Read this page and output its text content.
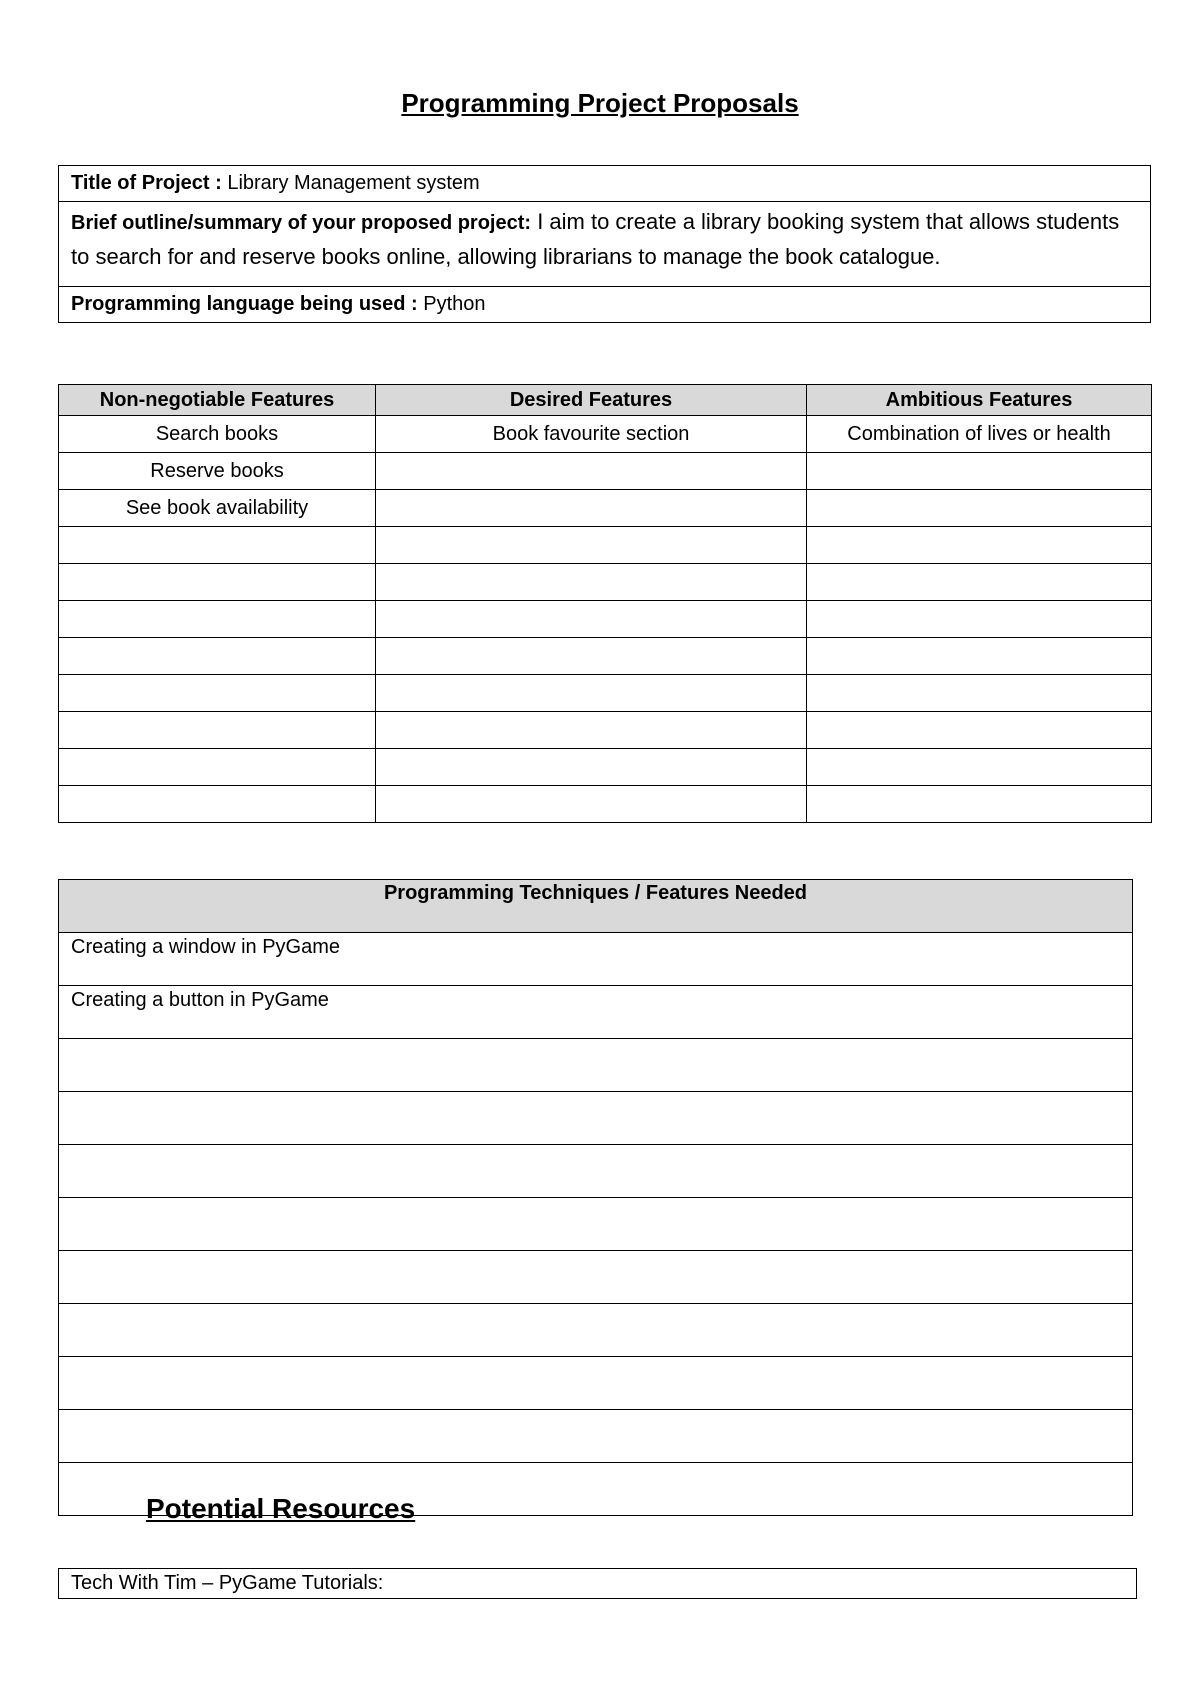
Programming Project Proposals
Title of Project : Library Management system
Brief outline/summary of your proposed project: I aim to create a library booking system that allows students to search for and reserve books online, allowing librarians to manage the book catalogue.
Programming language being used : Python
Non-negotiable Features	Desired Features	Ambitious Features
Search books	Book favourite section	Combination of lives or health
Reserve books		
See book availability		

Programming Techniques / Features Needed
Creating a window in PyGame
Creating a button in PyGame

Potential Resources
Tech With Tim – PyGame Tutorials:
